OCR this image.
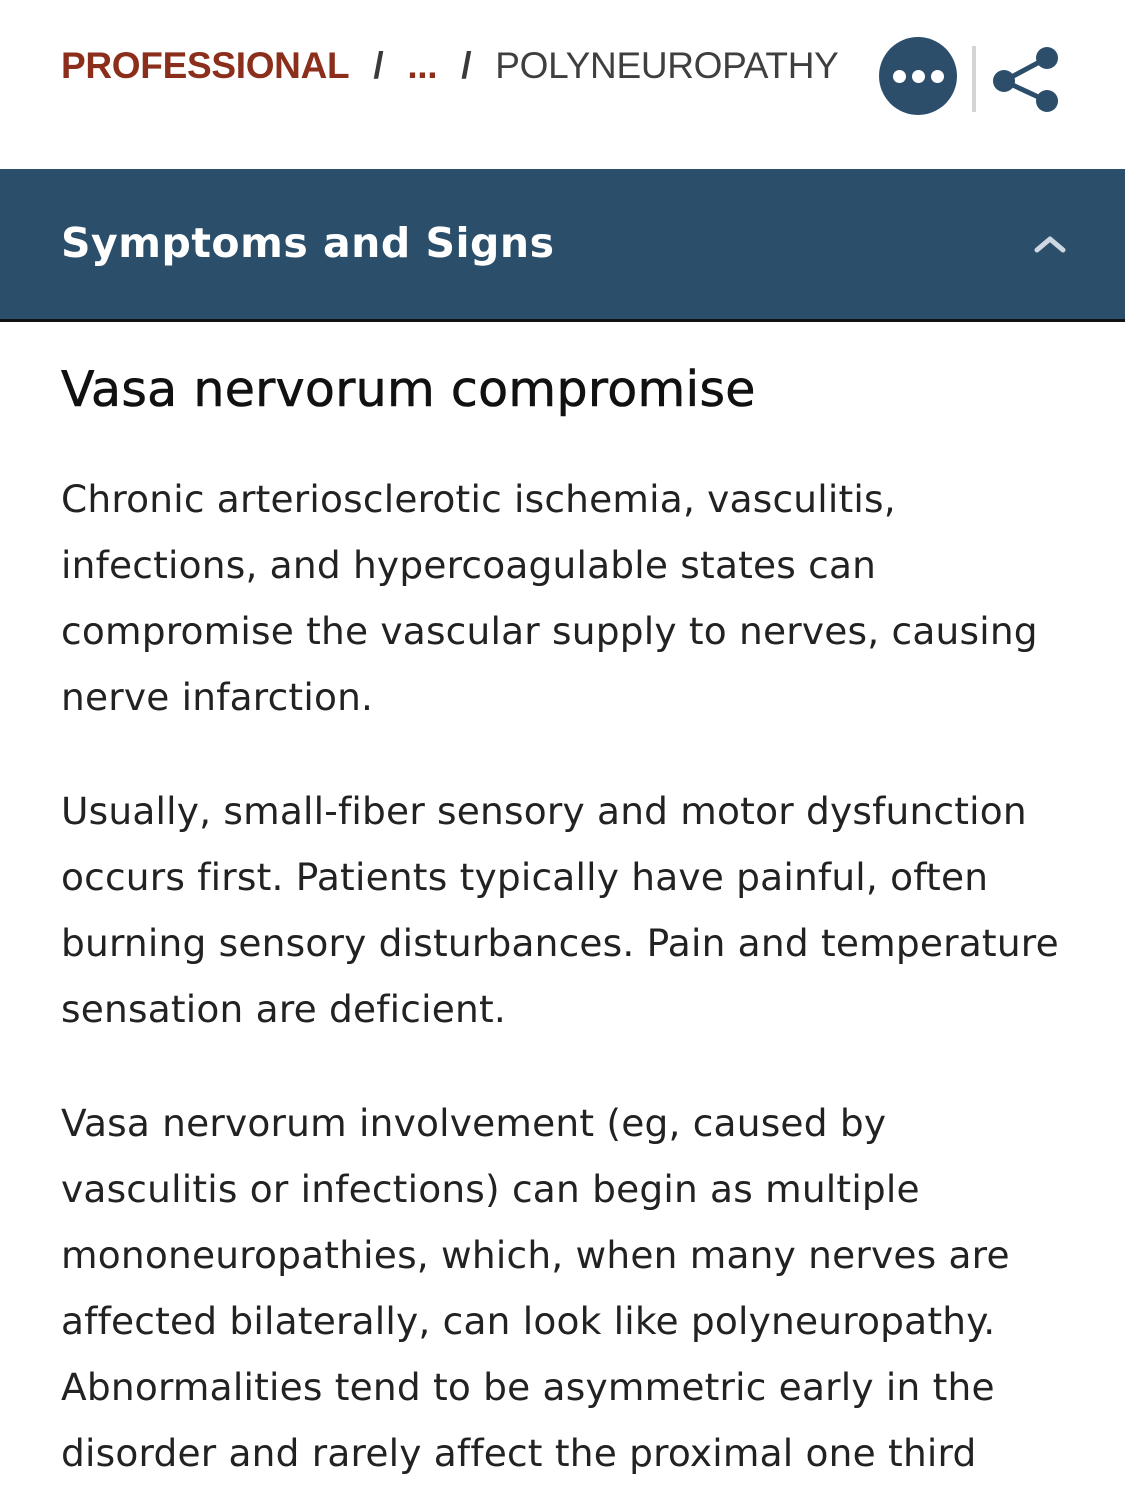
PROFESSIONAL / ... / POLYNEUROPATHY
Symptoms and Signs
Vasa nervorum compromise

Chronic arteriosclerotic ischemia, vasculitis, infections, and hypercoagulable states can compromise the vascular supply to nerves, causing nerve infarction.

Usually, small-fiber sensory and motor dysfunction occurs first. Patients typically have painful, often burning sensory disturbances. Pain and temperature sensation are deficient.

Vasa nervorum involvement (eg, caused by vasculitis or infections) can begin as multiple mononeuropathies, which, when many nerves are affected bilaterally, can look like polyneuropathy. Abnormalities tend to be asymmetric early in the disorder and rarely affect the proximal one third
